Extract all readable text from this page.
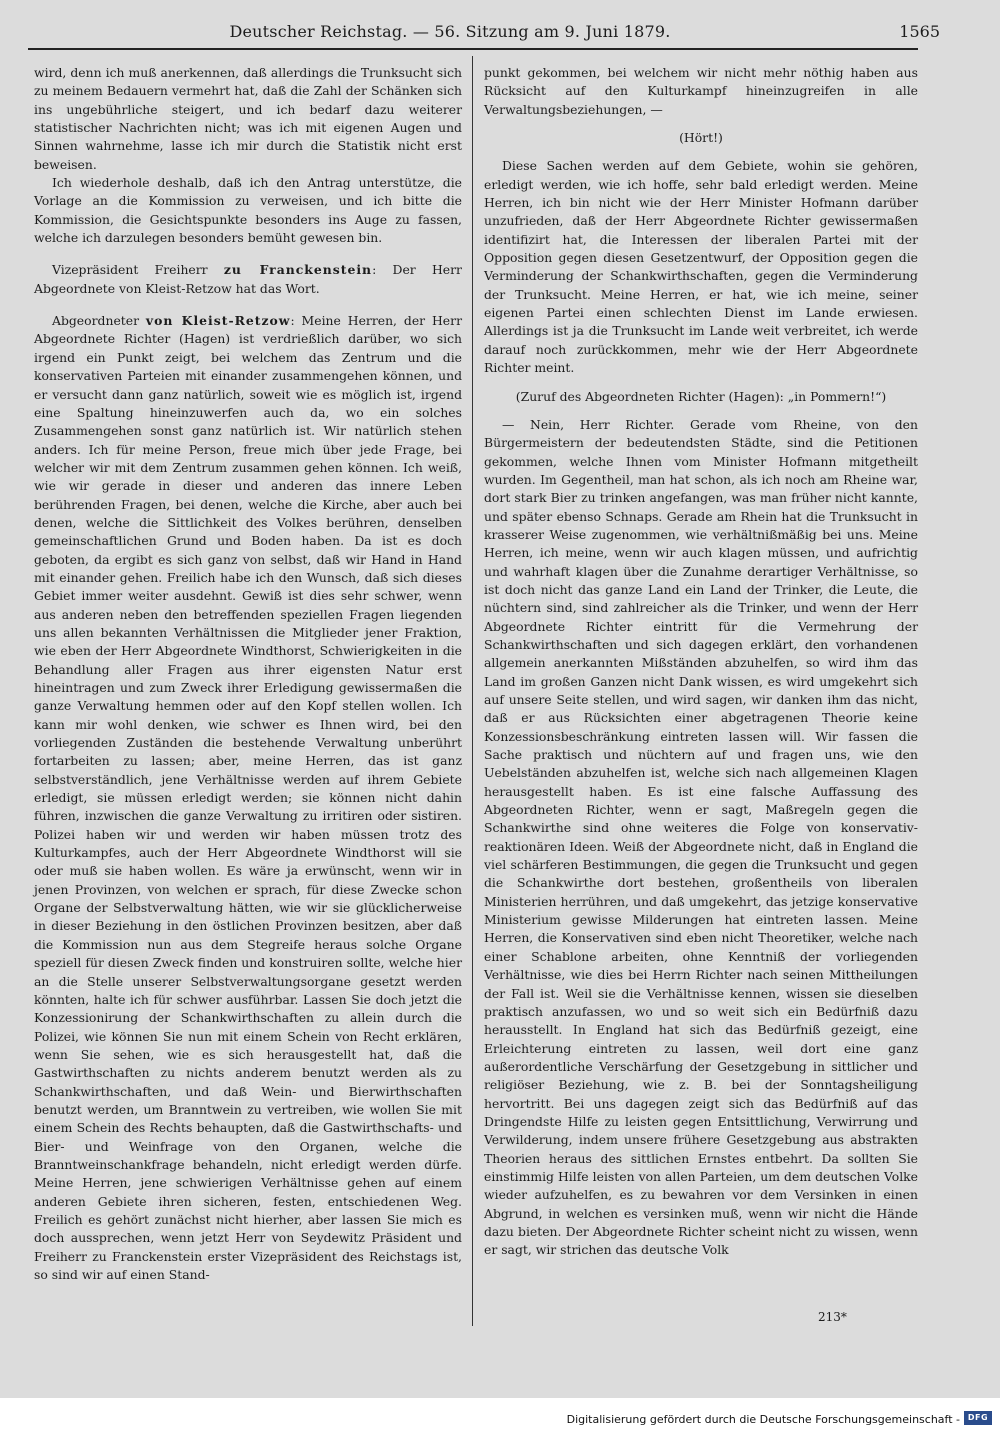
Deutscher Reichstag. — 56. Sitzung am 9. Juni 1879.	1565

wird, denn ich muß anerkennen, daß allerdings die Trunksucht sich zu meinem Bedauern vermehrt hat, daß die Zahl der Schänken sich ins ungebührliche steigert, und ich bedarf dazu weiterer statistischer Nachrichten nicht; was ich mit eigenen Augen und Sinnen wahrnehme, lasse ich mir durch die Statistik nicht erst beweisen.

Ich wiederhole deshalb, daß ich den Antrag unterstütze, die Vorlage an die Kommission zu verweisen, und ich bitte die Kommission, die Gesichtspunkte besonders ins Auge zu fassen, welche ich darzulegen besonders bemüht gewesen bin.

Vizepräsident Freiherr zu Franckenstein: Der Herr Abgeordnete von Kleist-Retzow hat das Wort.

Abgeordneter von Kleist-Retzow: Meine Herren, der Herr Abgeordnete Richter (Hagen) ist verdrießlich darüber, wo sich irgend ein Punkt zeigt, bei welchem das Zentrum und die konservativen Parteien mit einander zusammengehen können, und er versucht dann ganz natürlich, soweit wie es möglich ist, irgend eine Spaltung hineinzuwerfen auch da, wo ein solches Zusammengehen sonst ganz natürlich ist. Wir natürlich stehen anders. Ich für meine Person, freue mich über jede Frage, bei welcher wir mit dem Zentrum zusammen gehen können. Ich weiß, wie wir gerade in dieser und anderen das innere Leben berührenden Fragen, bei denen, welche die Kirche, aber auch bei denen, welche die Sittlichkeit des Volkes berühren, denselben gemeinschaftlichen Grund und Boden haben. Da ist es doch geboten, da ergibt es sich ganz von selbst, daß wir Hand in Hand mit einander gehen. Freilich habe ich den Wunsch, daß sich dieses Gebiet immer weiter ausdehnt. Gewiß ist dies sehr schwer, wenn aus anderen neben den betreffenden speziellen Fragen liegenden uns allen bekannten Verhältnissen die Mitglieder jener Fraktion, wie eben der Herr Abgeordnete Windthorst, Schwierigkeiten in die Behandlung aller Fragen aus ihrer eigensten Natur erst hineintragen und zum Zweck ihrer Erledigung gewissermaßen die ganze Verwaltung hemmen oder auf den Kopf stellen wollen. Ich kann mir wohl denken, wie schwer es Ihnen wird, bei den vorliegenden Zuständen die bestehende Verwaltung unberührt fortarbeiten zu lassen; aber, meine Herren, das ist ganz selbstverständlich, jene Verhältnisse werden auf ihrem Gebiete erledigt, sie müssen erledigt werden; sie können nicht dahin führen, inzwischen die ganze Verwaltung zu irritiren oder sistiren. Polizei haben wir und werden wir haben müssen trotz des Kulturkampfes, auch der Herr Abgeordnete Windthorst will sie oder muß sie haben wollen. Es wäre ja erwünscht, wenn wir in jenen Provinzen, von welchen er sprach, für diese Zwecke schon Organe der Selbstverwaltung hätten, wie wir sie glücklicherweise in dieser Beziehung in den östlichen Provinzen besitzen, aber daß die Kommission nun aus dem Stegreife heraus solche Organe speziell für diesen Zweck finden und konstruiren sollte, welche hier an die Stelle unserer Selbstverwaltungsorgane gesetzt werden könnten, halte ich für schwer ausführbar. Lassen Sie doch jetzt die Konzessionirung der Schankwirthschaften zu allein durch die Polizei, wie können Sie nun mit einem Schein von Recht erklären, wenn Sie sehen, wie es sich herausgestellt hat, daß die Gastwirthschaften zu nichts anderem benutzt werden als zu Schankwirthschaften, und daß Wein- und Bierwirthschaften benutzt werden, um Branntwein zu vertreiben, wie wollen Sie mit einem Schein des Rechts behaupten, daß die Gastwirthschafts- und Bier- und Weinfrage von den Organen, welche die Branntweinschankfrage behandeln, nicht erledigt werden dürfe. Meine Herren, jene schwierigen Verhältnisse gehen auf einem anderen Gebiete ihren sicheren, festen, entschiedenen Weg. Freilich es gehört zunächst nicht hierher, aber lassen Sie mich es doch aussprechen, wenn jetzt Herr von Seydewitz Präsident und Freiherr zu Franckenstein erster Vizepräsident des Reichstags ist, so sind wir auf einen Stand-

punkt gekommen, bei welchem wir nicht mehr nöthig haben aus Rücksicht auf den Kulturkampf hineinzugreifen in alle Verwaltungsbeziehungen, —

(Hört!)

Diese Sachen werden auf dem Gebiete, wohin sie gehören, erledigt werden, wie ich hoffe, sehr bald erledigt werden. Meine Herren, ich bin nicht wie der Herr Minister Hofmann darüber unzufrieden, daß der Herr Abgeordnete Richter gewissermaßen identifizirt hat, die Interessen der liberalen Partei mit der Opposition gegen diesen Gesetzentwurf, der Opposition gegen die Verminderung der Schankwirthschaften, gegen die Verminderung der Trunksucht. Meine Herren, er hat, wie ich meine, seiner eigenen Partei einen schlechten Dienst im Lande erwiesen. Allerdings ist ja die Trunksucht im Lande weit verbreitet, ich werde darauf noch zurückkommen, mehr wie der Herr Abgeordnete Richter meint.

(Zuruf des Abgeordneten Richter (Hagen): „in Pommern!“)

— Nein, Herr Richter. Gerade vom Rheine, von den Bürgermeistern der bedeutendsten Städte, sind die Petitionen gekommen, welche Ihnen vom Minister Hofmann mitgetheilt wurden. Im Gegentheil, man hat schon, als ich noch am Rheine war, dort stark Bier zu trinken angefangen, was man früher nicht kannte, und später ebenso Schnaps. Gerade am Rhein hat die Trunksucht in krasserer Weise zugenommen, wie verhältnißmäßig bei uns. Meine Herren, ich meine, wenn wir auch klagen müssen, und aufrichtig und wahrhaft klagen über die Zunahme derartiger Verhältnisse, so ist doch nicht das ganze Land ein Land der Trinker, die Leute, die nüchtern sind, sind zahlreicher als die Trinker, und wenn der Herr Abgeordnete Richter eintritt für die Vermehrung der Schankwirthschaften und sich dagegen erklärt, den vorhandenen allgemein anerkannten Mißständen abzuhelfen, so wird ihm das Land im großen Ganzen nicht Dank wissen, es wird umgekehrt sich auf unsere Seite stellen, und wird sagen, wir danken ihm das nicht, daß er aus Rücksichten einer abgetragenen Theorie keine Konzessionsbeschränkung eintreten lassen will. Wir fassen die Sache praktisch und nüchtern auf und fragen uns, wie den Uebelständen abzuhelfen ist, welche sich nach allgemeinen Klagen herausgestellt haben. Es ist eine falsche Auffassung des Abgeordneten Richter, wenn er sagt, Maßregeln gegen die Schankwirthe sind ohne weiteres die Folge von konservativ-reaktionären Ideen. Weiß der Abgeordnete nicht, daß in England die viel schärferen Bestimmungen, die gegen die Trunksucht und gegen die Schankwirthe dort bestehen, großentheils von liberalen Ministerien herrühren, und daß umgekehrt, das jetzige konservative Ministerium gewisse Milderungen hat eintreten lassen. Meine Herren, die Konservativen sind eben nicht Theoretiker, welche nach einer Schablone arbeiten, ohne Kenntniß der vorliegenden Verhältnisse, wie dies bei Herrn Richter nach seinen Mittheilungen der Fall ist. Weil sie die Verhältnisse kennen, wissen sie dieselben praktisch anzufassen, wo und so weit sich ein Bedürfniß dazu herausstellt. In England hat sich das Bedürfniß gezeigt, eine Erleichterung eintreten zu lassen, weil dort eine ganz außerordentliche Verschärfung der Gesetzgebung in sittlicher und religiöser Beziehung, wie z. B. bei der Sonntagsheiligung hervortritt. Bei uns dagegen zeigt sich das Bedürfniß auf das Dringendste Hilfe zu leisten gegen Entsittlichung, Verwirrung und Verwilderung, indem unsere frühere Gesetzgebung aus abstrakten Theorien heraus des sittlichen Ernstes entbehrt. Da sollten Sie einstimmig Hilfe leisten von allen Parteien, um dem deutschen Volke wieder aufzuhelfen, es zu bewahren vor dem Versinken in einen Abgrund, in welchen es versinken muß, wenn wir nicht die Hände dazu bieten. Der Abgeordnete Richter scheint nicht zu wissen, wenn er sagt, wir strichen das deutsche Volk

213*
Digitalisierung gefördert durch die Deutsche Forschungsgemeinschaft - DFG
